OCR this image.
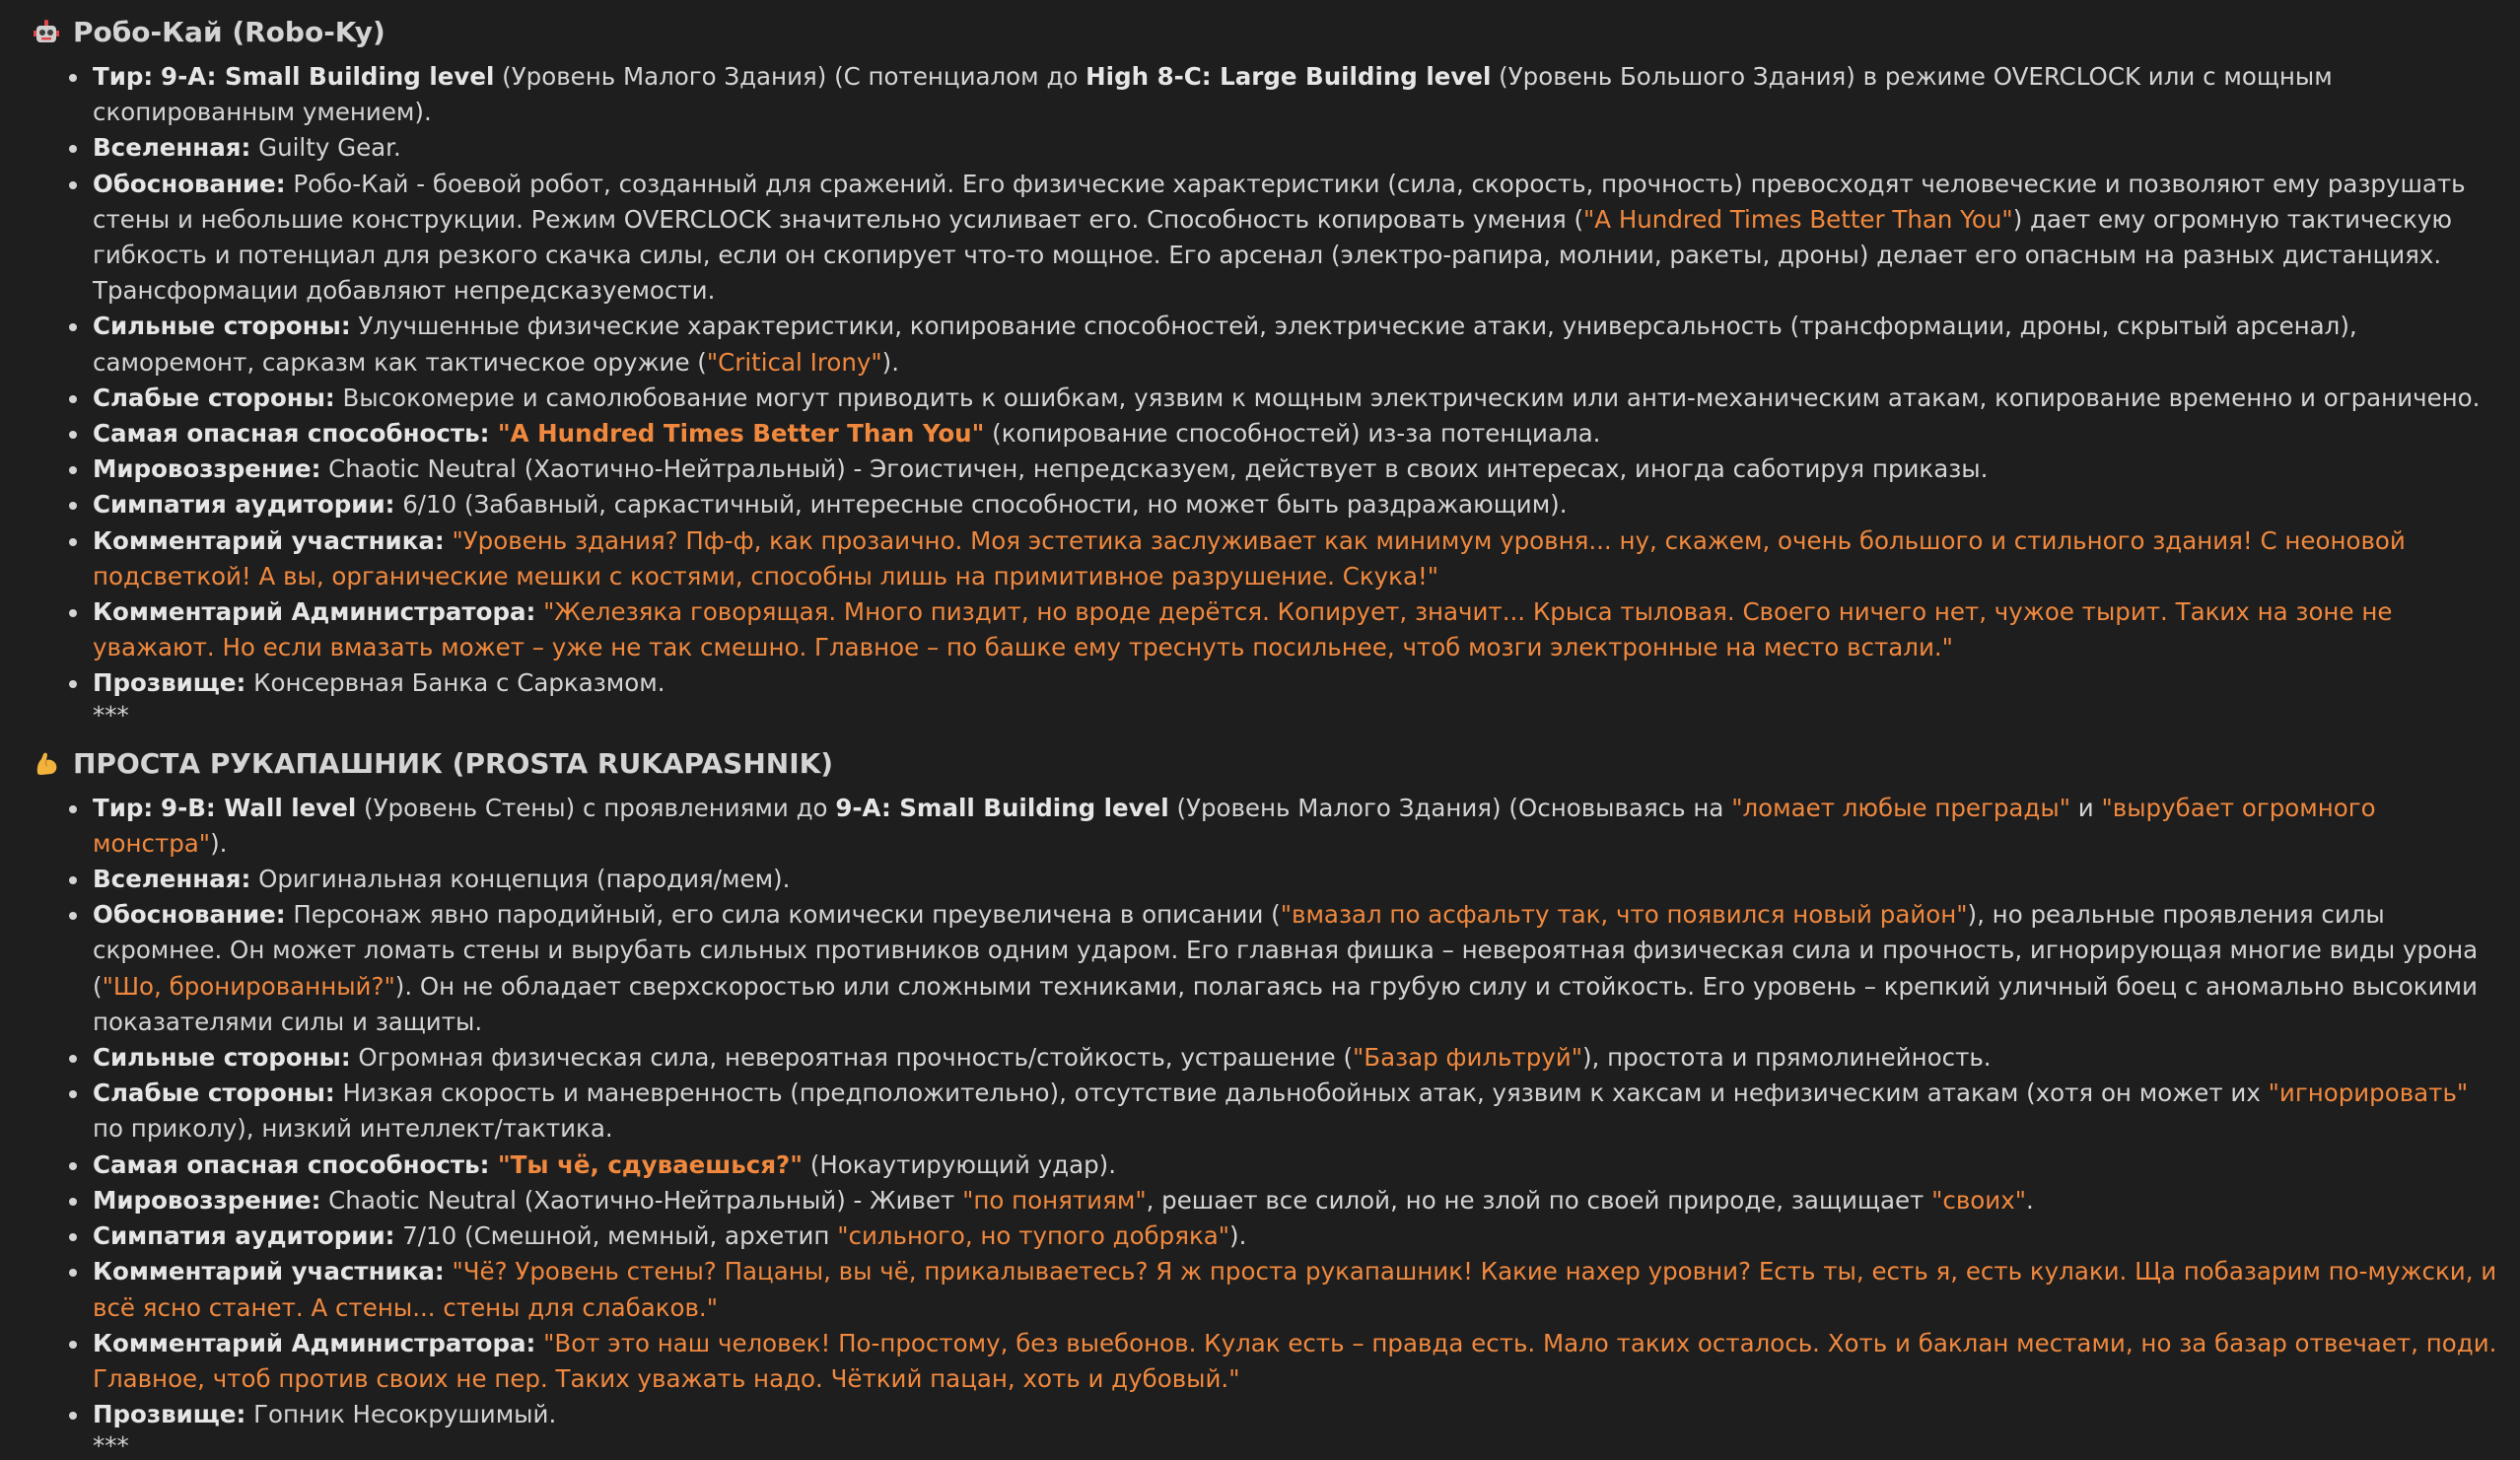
Робо-Кай (Robo-Ky)
Тир: 9-A: Small Building level (Уровень Малого Здания) (С потенциалом до High 8-C: Large Building level (Уровень Большого Здания) в режиме OVERCLOCK или с мощным скопированным умением).
Вселенная: Guilty Gear.
Обоснование: Робо-Кай - боевой робот, созданный для сражений. Его физические характеристики (сила, скорость, прочность) превосходят человеческие и позволяют ему разрушать стены и небольшие конструкции. Режим OVERCLOCK значительно усиливает его. Способность копировать умения ("A Hundred Times Better Than You") дает ему огромную тактическую гибкость и потенциал для резкого скачка силы, если он скопирует что-то мощное. Его арсенал (электро-рапира, молнии, ракеты, дроны) делает его опасным на разных дистанциях. Трансформации добавляют непредсказуемости.
Сильные стороны: Улучшенные физические характеристики, копирование способностей, электрические атаки, универсальность (трансформации, дроны, скрытый арсенал), саморемонт, сарказм как тактическое оружие ("Critical Irony").
Слабые стороны: Высокомерие и самолюбование могут приводить к ошибкам, уязвим к мощным электрическим или анти-механическим атакам, копирование временно и ограничено.
Самая опасная способность: "A Hundred Times Better Than You" (копирование способностей) из-за потенциала.
Мировоззрение: Chaotic Neutral (Хаотично-Нейтральный) - Эгоистичен, непредсказуем, действует в своих интересах, иногда саботируя приказы.
Симпатия аудитории: 6/10 (Забавный, саркастичный, интересные способности, но может быть раздражающим).
Комментарий участника: "Уровень здания? Пф-ф, как прозаично. Моя эстетика заслуживает как минимум уровня... ну, скажем, очень большого и стильного здания! С неоновой подсветкой! А вы, органические мешки с костями, способны лишь на примитивное разрушение. Скука!"
Комментарий Администратора: "Железяка говорящая. Много пиздит, но вроде дерётся. Копирует, значит... Крыса тыловая. Своего ничего нет, чужое тырит. Таких на зоне не уважают. Но если вмазать может – уже не так смешно. Главное – по башке ему треснуть посильнее, чтоб мозги электронные на место встали."
Прозвище: Консервная Банка с Сарказмом.
***
ПРОСТА РУКАПАШНИК (PROSTA RUKAPASHNIK)
Тир: 9-B: Wall level (Уровень Стены) с проявлениями до 9-A: Small Building level (Уровень Малого Здания) (Основываясь на "ломает любые преграды" и "вырубает огромного монстра").
Вселенная: Оригинальная концепция (пародия/мем).
Обоснование: Персонаж явно пародийный, его сила комически преувеличена в описании ("вмазал по асфальту так, что появился новый район"), но реальные проявления силы скромнее. Он может ломать стены и вырубать сильных противников одним ударом. Его главная фишка – невероятная физическая сила и прочность, игнорирующая многие виды урона ("Шо, бронированный?"). Он не обладает сверхскоростью или сложными техниками, полагаясь на грубую силу и стойкость. Его уровень – крепкий уличный боец с аномально высокими показателями силы и защиты.
Сильные стороны: Огромная физическая сила, невероятная прочность/стойкость, устрашение ("Базар фильтруй"), простота и прямолинейность.
Слабые стороны: Низкая скорость и маневренность (предположительно), отсутствие дальнобойных атак, уязвим к хаксам и нефизическим атакам (хотя он может их "игнорировать" по приколу), низкий интеллект/тактика.
Самая опасная способность: "Ты чё, сдуваешься?" (Нокаутирующий удар).
Мировоззрение: Chaotic Neutral (Хаотично-Нейтральный) - Живет "по понятиям", решает все силой, но не злой по своей природе, защищает "своих".
Симпатия аудитории: 7/10 (Смешной, мемный, архетип "сильного, но тупого добряка").
Комментарий участника: "Чё? Уровень стены? Пацаны, вы чё, прикалываетесь? Я ж проста рукапашник! Какие нахер уровни? Есть ты, есть я, есть кулаки. Ща побазарим по-мужски, и всё ясно станет. А стены... стены для слабаков."
Комментарий Администратора: "Вот это наш человек! По-простому, без выебонов. Кулак есть – правда есть. Мало таких осталось. Хоть и баклан местами, но за базар отвечает, поди. Главное, чтоб против своих не пер. Таких уважать надо. Чёткий пацан, хоть и дубовый."
Прозвище: Гопник Несокрушимый.
***
